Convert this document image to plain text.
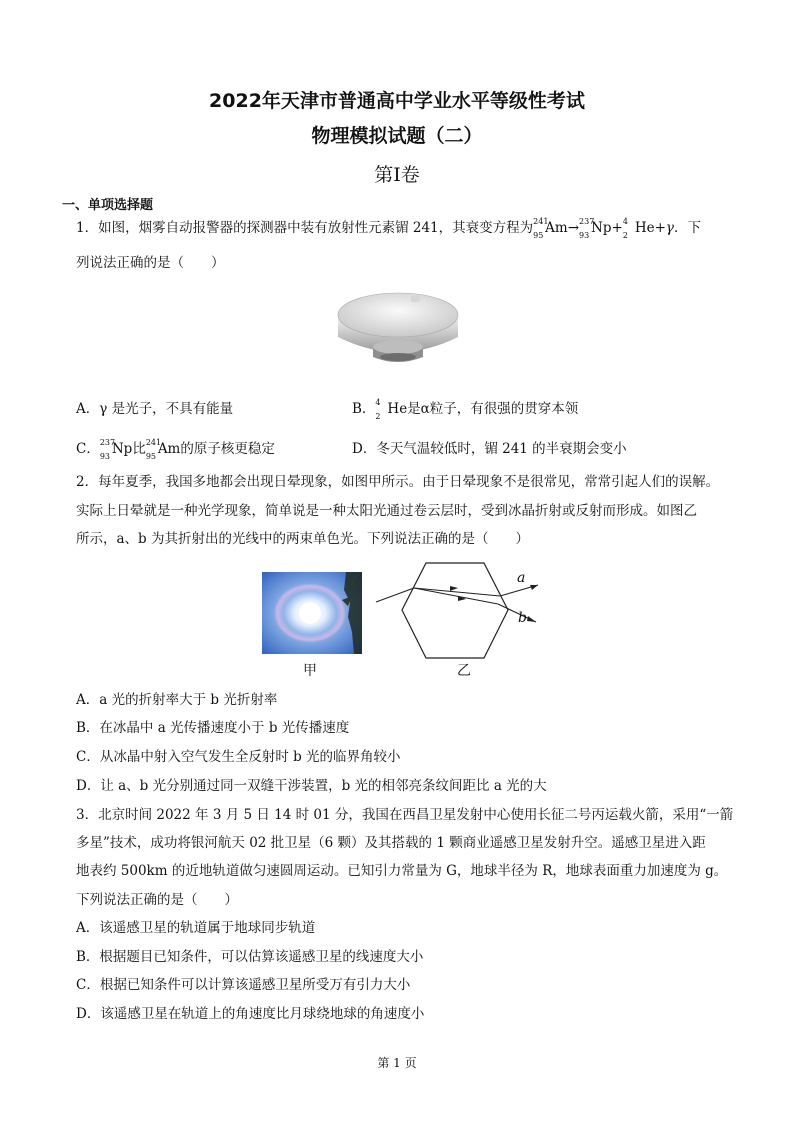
2022年天津市普通高中学业水平等级性考试
物理模拟试题（二）
第Ⅰ卷
一、单项选择题
1．如图，烟雾自动报警器的探测器中装有放射性元素镅 241，其衰变方程为 241
95 Am→ 237
93 Np+ 4
2 He+γ．下
列说法正确的是（　　）
A．γ 是光子，不具有能量	B． 4
2 He是α粒子，有很强的贯穿本领
C． 237
93 Np比 241
95 Am的原子核更稳定	D．冬天气温较低时，镅 241 的半衰期会变小
2．每年夏季，我国多地都会出现日晕现象，如图甲所示。由于日晕现象不是很常见，常常引起人们的误解。
实际上日晕就是一种光学现象，简单说是一种太阳光通过卷云层时，受到冰晶折射或反射而形成。如图乙
所示，a、b 为其折射出的光线中的两束单色光。下列说法正确的是（　　）
a
b
甲	乙
A．a 光的折射率大于 b 光折射率
B．在冰晶中 a 光传播速度小于 b 光传播速度
C．从冰晶中射入空气发生全反射时 b 光的临界角较小
D．让 a、b 光分别通过同一双缝干涉装置，b 光的相邻亮条纹间距比 a 光的大
3．北京时间 2022 年 3 月 5 日 14 时 01 分，我国在西昌卫星发射中心使用长征二号丙运载火箭，采用“一箭
多星”技术，成功将银河航天 02 批卫星（6 颗）及其搭载的 1 颗商业遥感卫星发射升空。遥感卫星进入距
地表约 500km 的近地轨道做匀速圆周运动。已知引力常量为 G，地球半径为 R，地球表面重力加速度为 g。
下列说法正确的是（　　）
A．该遥感卫星的轨道属于地球同步轨道
B．根据题目已知条件，可以估算该遥感卫星的线速度大小
C．根据已知条件可以计算该遥感卫星所受万有引力大小
D．该遥感卫星在轨道上的角速度比月球绕地球的角速度小
第 1 页
